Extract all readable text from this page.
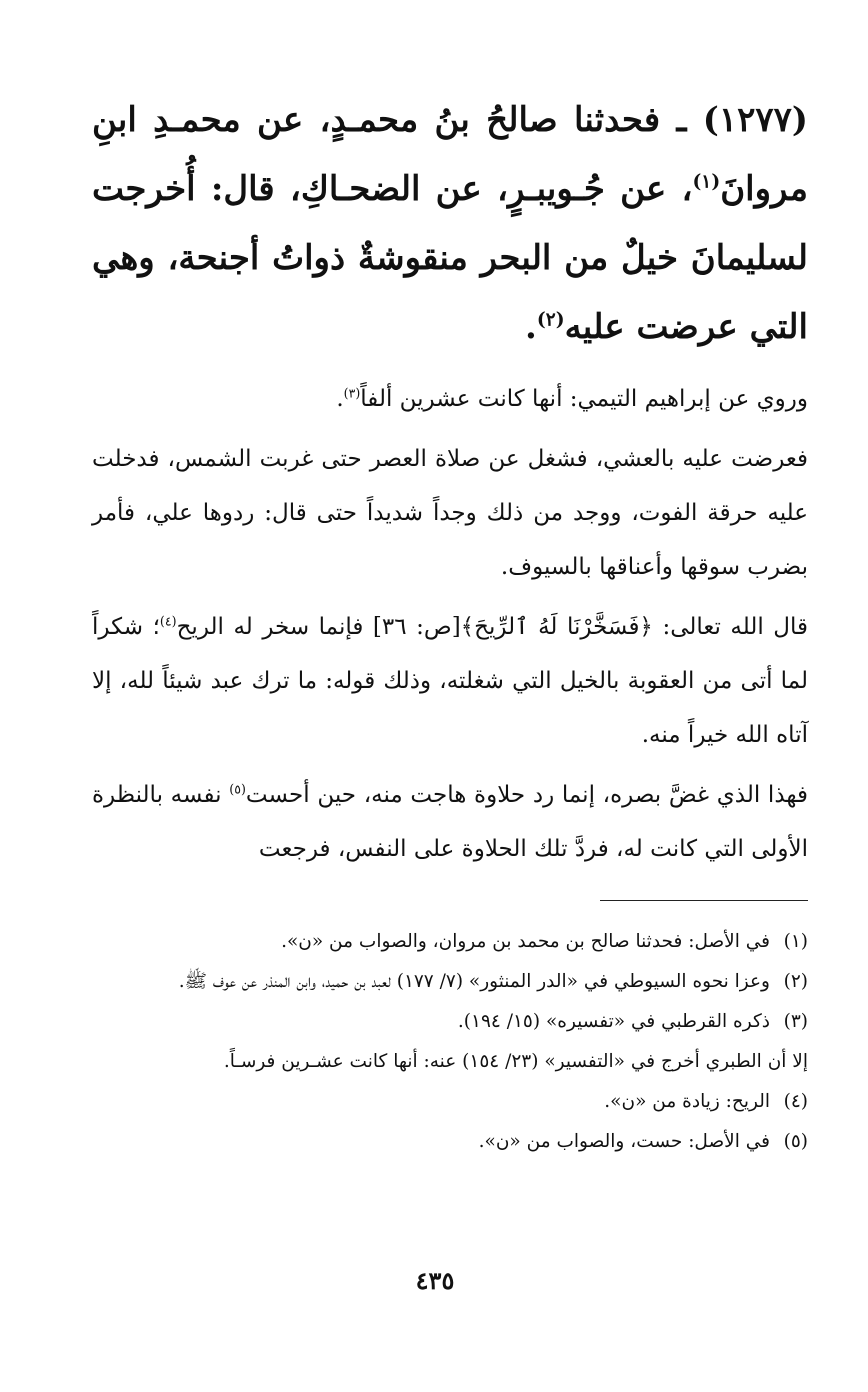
(١٢٧٧) ـ فحدثنا صالحُ بنُ محمـدٍ، عن محمـدِ ابنِ مروانَ$^{(١)}$، عن جُـويبـرٍ، عن الضحـاكِ، قال: أُخرجت لسليمانَ خيلٌ من البحر منقوشةٌ ذواتُ أجنحة، وهي التي عرضت عليه$^{(٢)}$.

وروي عن إبراهيم التيمي: أنها كانت عشرين ألفاً$^{(٣)}$.

فعرضت عليه بالعشي، فشغل عن صلاة العصر حتى غربت الشمس، فدخلت عليه حرقة الفوت، ووجد من ذلك وجداً شديداً حتى قال: ردوها علي، فأمر بضرب سوقها وأعناقها بالسيوف.

قال الله تعالى: ﴿فَسَخَّرْنَا لَهُ ٱلرِّيحَ﴾[ص: ٣٦] فإنما سخر له الريح$^{(٤)}$؛ شكراً لما أتى من العقوبة بالخيل التي شغلته، وذلك قوله: ما ترك عبد شيئاً لله، إلا آتاه الله خيراً منه.

فهذا الذي غضَّ بصره، إنما رد حلاوة هاجت منه، حين أحست$^{(٥)}$ نفسه بالنظرة الأولى التي كانت له، فردَّ تلك الحلاوة على النفس، فرجعت

(١)
في الأصل: فحدثنا صالح بن محمد بن مروان، والصواب من «ن».
(٢)
وعزا نحوه السيوطي في «الدر المنثور» (٧/ ١٧٧) لعبد بن حميد، وابن المنذر عن عوف ﷺ.
(٣)
ذكره القرطبي في «تفسيره» (١٥/ ١٩٤).
إلا أن الطبري أخرج في «التفسير» (٢٣/ ١٥٤) عنه: أنها كانت عشـرين فرسـاً.
(٤)
الريح: زيادة من «ن».
(٥)
في الأصل: حست، والصواب من «ن».
٤٣٥
